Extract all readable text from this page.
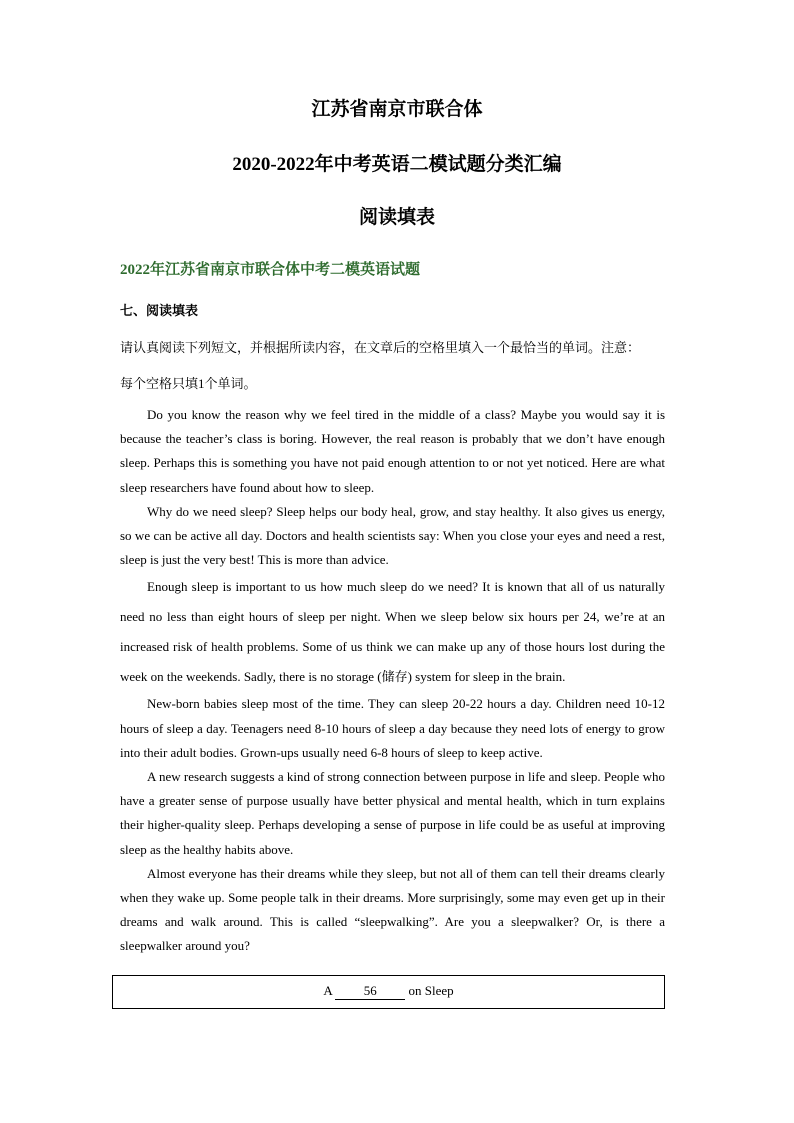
江苏省南京市联合体
2020-2022年中考英语二模试题分类汇编
阅读填表
2022年江苏省南京市联合体中考二模英语试题
七、阅读填表
请认真阅读下列短文，并根据所读内容，在文章后的空格里填入一个最恰当的单词。注意：
每个空格只填1个单词。

Do you know the reason why we feel tired in the middle of a class? Maybe you would say it is because the teacher’s class is boring. However, the real reason is probably that we don’t have enough sleep. Perhaps this is something you have not paid enough attention to or not yet noticed. Here are what sleep researchers have found about how to sleep.

Why do we need sleep? Sleep helps our body heal, grow, and stay healthy. It also gives us energy, so we can be active all day. Doctors and health scientists say: When you close your eyes and need a rest, sleep is just the very best! This is more than advice.

Enough sleep is important to us how much sleep do we need? It is known that all of us naturally need no less than eight hours of sleep per night. When we sleep below six hours per 24, we’re at an increased risk of health problems. Some of us think we can make up any of those hours lost during the week on the weekends. Sadly, there is no storage (储存) system for sleep in the brain.

New-born babies sleep most of the time. They can sleep 20-22 hours a day. Children need 10-12 hours of sleep a day. Teenagers need 8-10 hours of sleep a day because they need lots of energy to grow into their adult bodies. Grown-ups usually need 6-8 hours of sleep to keep active.

A new research suggests a kind of strong connection between purpose in life and sleep. People who have a greater sense of purpose usually have better physical and mental health, which in turn explains their higher-quality sleep. Perhaps developing a sense of purpose in life could be as useful at improving sleep as the healthy habits above.

Almost everyone has their dreams while they sleep, but not all of them can tell their dreams clearly when they wake up. Some people talk in their dreams. More surprisingly, some may even get up in their dreams and walk around. This is called “sleepwalking”. Are you a sleepwalker? Or, is there a sleepwalker around you?

A 56 on Sleep
